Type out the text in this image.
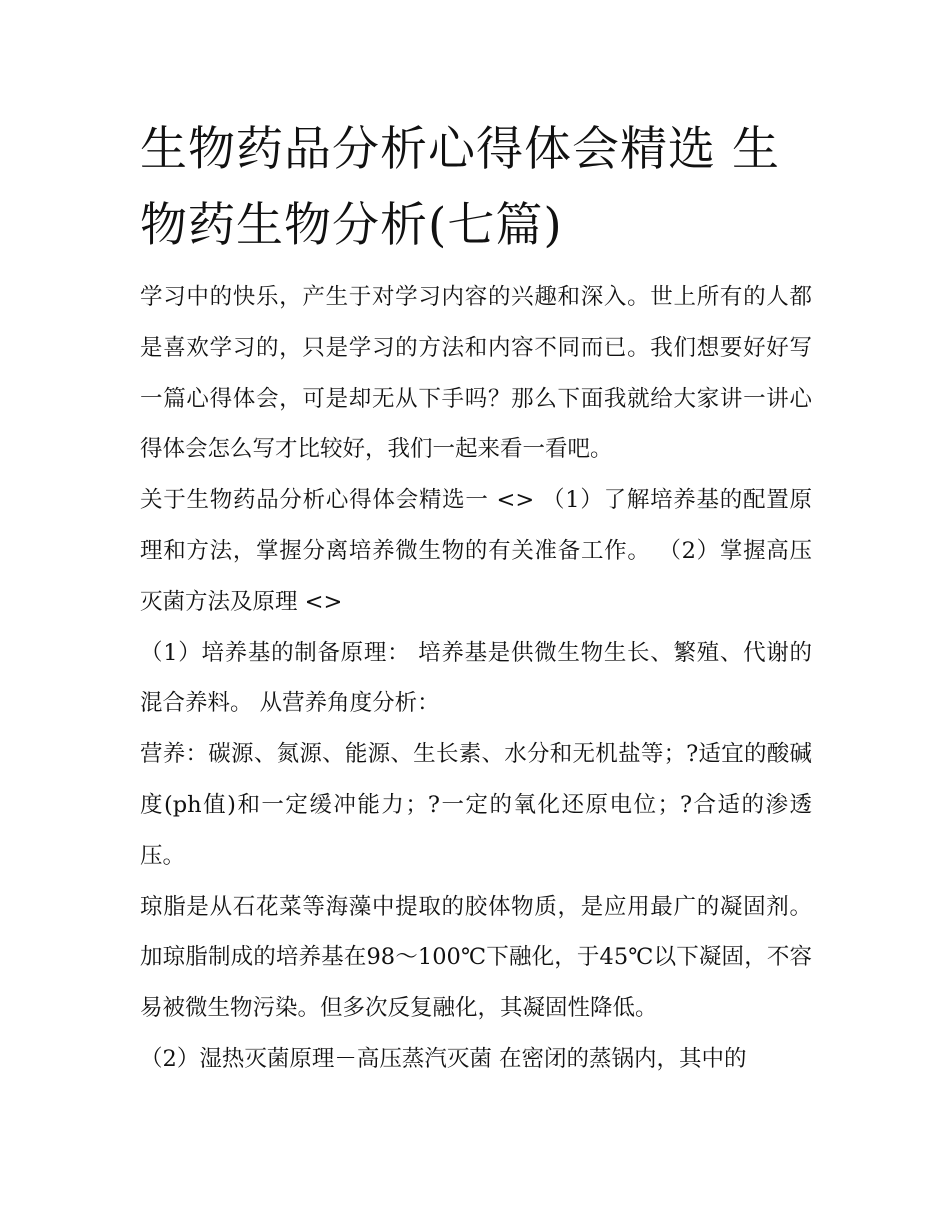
生物药品分析心得体会精选 生物药生物分析(七篇)

学习中的快乐，产生于对学习内容的兴趣和深入。世上所有的人都是喜欢学习的，只是学习的方法和内容不同而已。我们想要好好写一篇心得体会，可是却无从下手吗？那么下面我就给大家讲一讲心得体会怎么写才比较好，我们一起来看一看吧。

关于生物药品分析心得体会精选一 <> （1）了解培养基的配置原理和方法，掌握分离培养微生物的有关准备工作。 （2）掌握高压灭菌方法及原理 <>

（1）培养基的制备原理： 培养基是供微生物生长、繁殖、代谢的混合养料。 从营养角度分析：

营养：碳源、氮源、能源、生长素、水分和无机盐等；?适宜的酸碱度(ph值)和一定缓冲能力；?一定的氧化还原电位；?合适的渗透压。

琼脂是从石花菜等海藻中提取的胶体物质，是应用最广的凝固剂。加琼脂制成的培养基在98～100℃下融化，于45℃以下凝固，不容易被微生物污染。但多次反复融化，其凝固性降低。

（2）湿热灭菌原理－高压蒸汽灭菌 在密闭的蒸锅内，其中的
